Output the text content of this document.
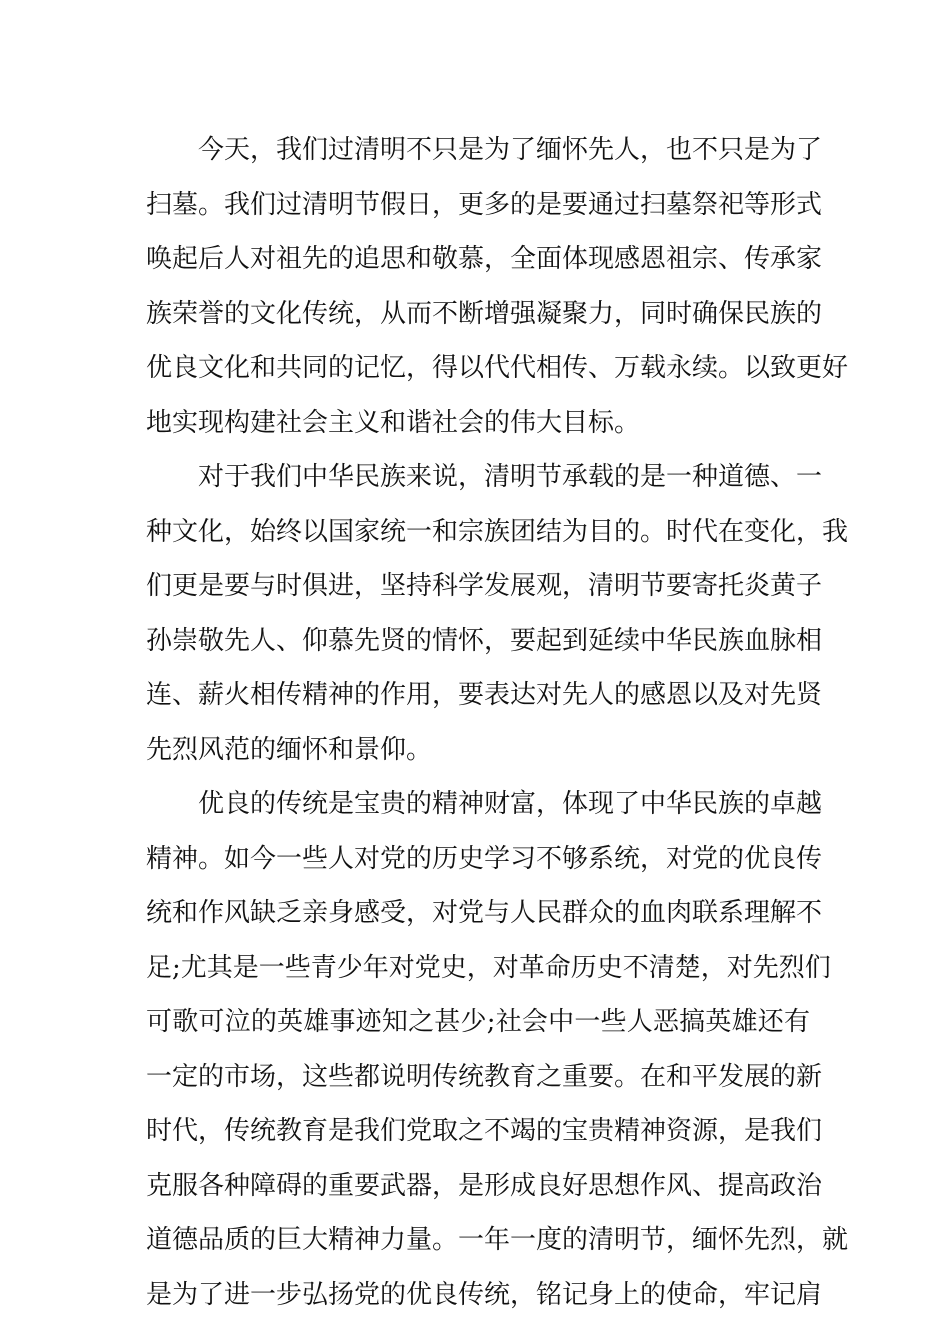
今天，我们过清明不只是为了缅怀先人，也不只是为了
扫墓。我们过清明节假日，更多的是要通过扫墓祭祀等形式
唤起后人对祖先的追思和敬慕，全面体现感恩祖宗、传承家
族荣誉的文化传统，从而不断增强凝聚力，同时确保民族的
优良文化和共同的记忆，得以代代相传、万载永续。以致更好
地实现构建社会主义和谐社会的伟大目标。
对于我们中华民族来说，清明节承载的是一种道德、一
种文化，始终以国家统一和宗族团结为目的。时代在变化，我
们更是要与时俱进，坚持科学发展观，清明节要寄托炎黄子
孙崇敬先人、仰慕先贤的情怀，要起到延续中华民族血脉相
连、薪火相传精神的作用，要表达对先人的感恩以及对先贤
先烈风范的缅怀和景仰。
优良的传统是宝贵的精神财富，体现了中华民族的卓越
精神。如今一些人对党的历史学习不够系统，对党的优良传
统和作风缺乏亲身感受，对党与人民群众的血肉联系理解不
足;尤其是一些青少年对党史，对革命历史不清楚，对先烈们
可歌可泣的英雄事迹知之甚少;社会中一些人恶搞英雄还有
一定的市场，这些都说明传统教育之重要。在和平发展的新
时代，传统教育是我们党取之不竭的宝贵精神资源，是我们
克服各种障碍的重要武器，是形成良好思想作风、提高政治
道德品质的巨大精神力量。一年一度的清明节，缅怀先烈，就
是为了进一步弘扬党的优良传统，铭记身上的使命，牢记肩
